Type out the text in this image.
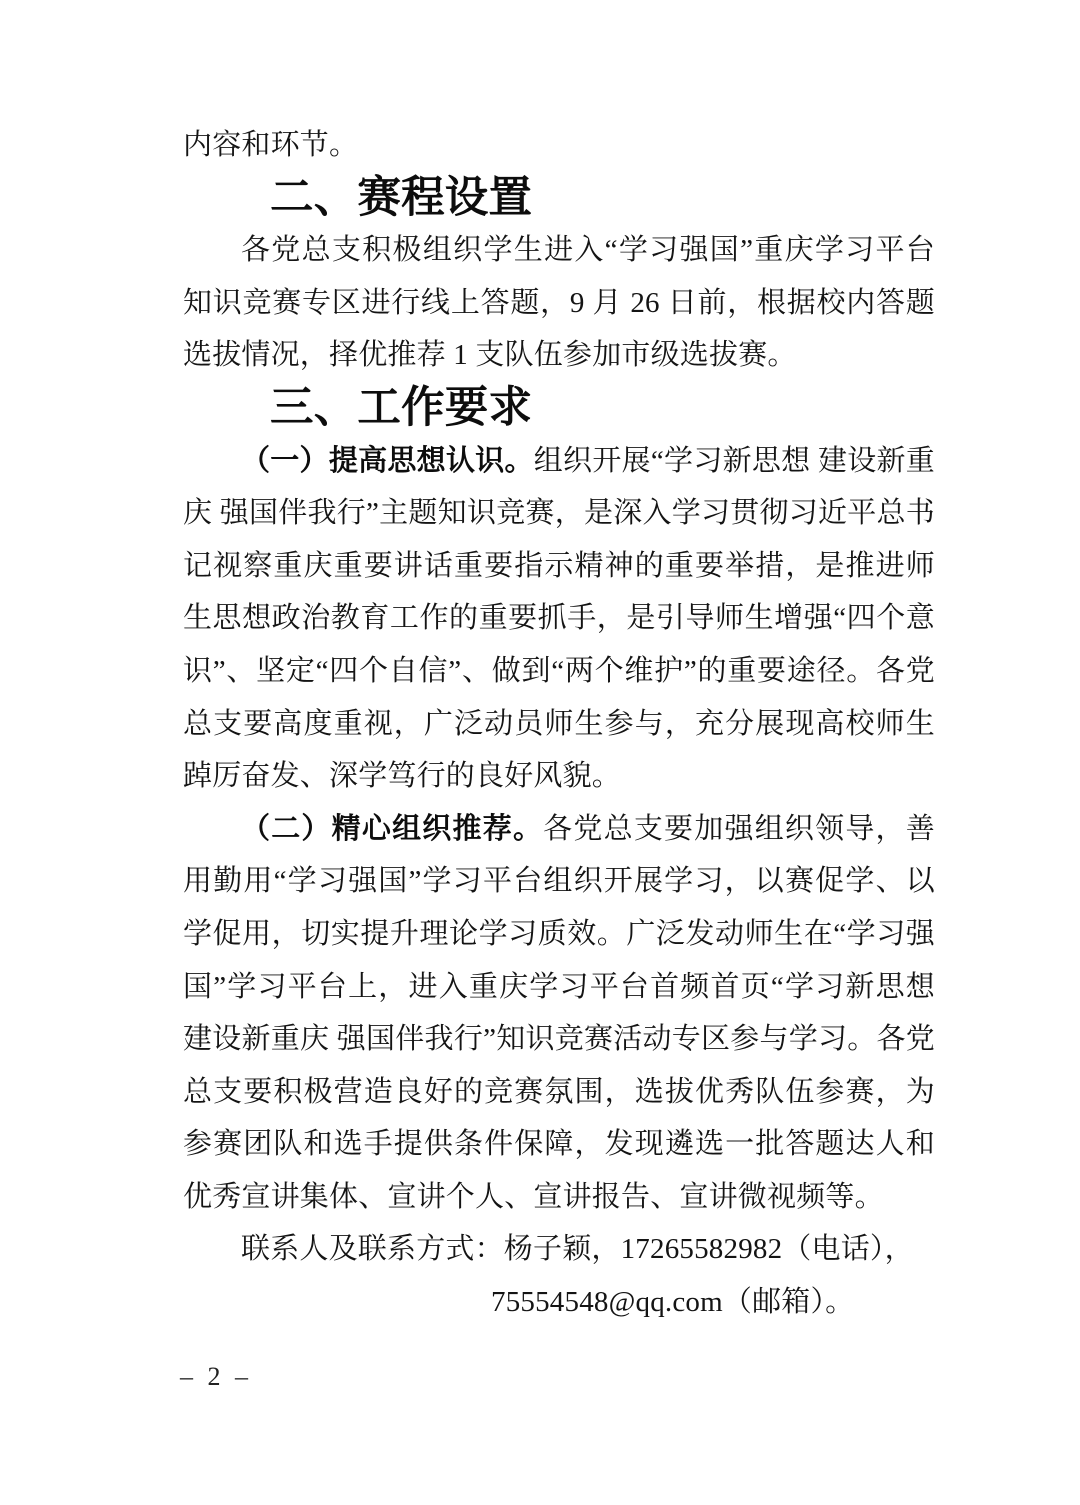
内容和环节。

二、赛程设置

各党总支积极组织学生进入“学习强国”重庆学习平台知识竞赛专区进行线上答题，9 月 26 日前，根据校内答题选拔情况，择优推荐 1 支队伍参加市级选拔赛。

三、工作要求

（一）提高思想认识。组织开展“学习新思想 建设新重庆 强国伴我行”主题知识竞赛，是深入学习贯彻习近平总书记视察重庆重要讲话重要指示精神的重要举措，是推进师生思想政治教育工作的重要抓手，是引导师生增强“四个意识”、坚定“四个自信”、做到“两个维护”的重要途径。各党总支要高度重视，广泛动员师生参与，充分展现高校师生踔厉奋发、深学笃行的良好风貌。

（二）精心组织推荐。各党总支要加强组织领导，善用勤用“学习强国”学习平台组织开展学习，以赛促学、以学促用，切实提升理论学习质效。广泛发动师生在“学习强国”学习平台上，进入重庆学习平台首频首页“学习新思想 建设新重庆 强国伴我行”知识竞赛活动专区参与学习。各党总支要积极营造良好的竞赛氛围，选拔优秀队伍参赛，为参赛团队和选手提供条件保障，发现遴选一批答题达人和优秀宣讲集体、宣讲个人、宣讲报告、宣讲微视频等。

联系人及联系方式：杨子颖，17265582982（电话），

75554548@qq.com（邮箱）。

– 2 –
